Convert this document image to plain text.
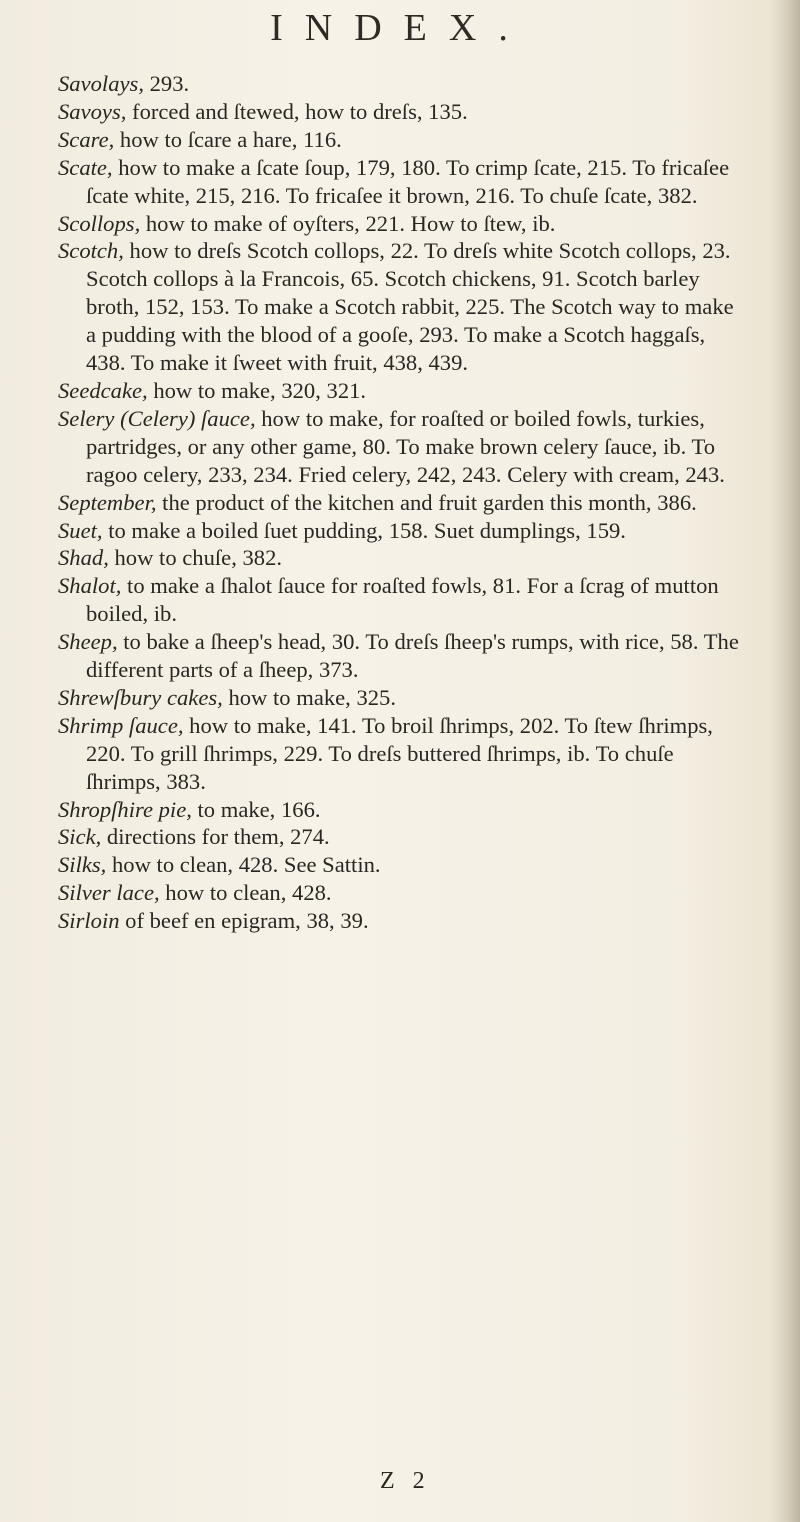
INDEX.

Savolays, 293.

Savoys, forced and ſtewed, how to dreſs, 135.

Scare, how to ſcare a hare, 116.

Scate, how to make a ſcate ſoup, 179, 180. To crimp ſcate, 215. To fricaſee ſcate white, 215, 216. To fricaſee it brown, 216. To chuſe ſcate, 382.

Scollops, how to make of oyſters, 221. How to ſtew, ib.

Scotch, how to dreſs Scotch collops, 22. To dreſs white Scotch collops, 23. Scotch collops à la Francois, 65. Scotch chickens, 91. Scotch barley broth, 152, 153. To make a Scotch rabbit, 225. The Scotch way to make a pudding with the blood of a gooſe, 293. To make a Scotch haggaſs, 438. To make it ſweet with fruit, 438, 439.

Seedcake, how to make, 320, 321.

Selery (Celery) ſauce, how to make, for roaſted or boiled fowls, turkies, partridges, or any other game, 80. To make brown celery ſauce, ib. To ragoo celery, 233, 234. Fried celery, 242, 243. Celery with cream, 243.

September, the product of the kitchen and fruit garden this month, 386.

Suet, to make a boiled ſuet pudding, 158. Suet dumplings, 159.

Shad, how to chuſe, 382.

Shalot, to make a ſhalot ſauce for roaſted fowls, 81. For a ſcrag of mutton boiled, ib.

Sheep, to bake a ſheep's head, 30. To dreſs ſheep's rumps, with rice, 58. The different parts of a ſheep, 373.

Shrewſbury cakes, how to make, 325.

Shrimp ſauce, how to make, 141. To broil ſhrimps, 202. To ſtew ſhrimps, 220. To grill ſhrimps, 229. To dreſs buttered ſhrimps, ib. To chuſe ſhrimps, 383.

Shropſhire pie, to make, 166.

Sick, directions for them, 274.

Silks, how to clean, 428. See Sattin.

Silver lace, how to clean, 428.

Sirloin of beef en epigram, 38, 39.

Z 2
